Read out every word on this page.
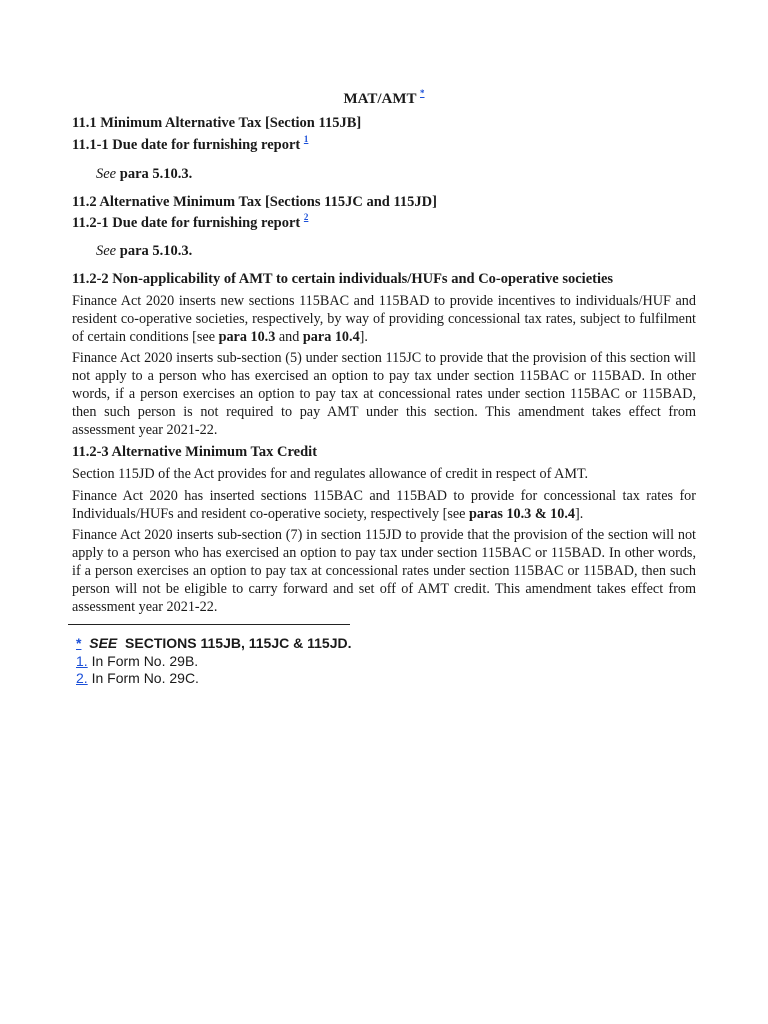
MAT/AMT *
11.1 Minimum Alternative Tax [Section 115JB]
11.1-1 Due date for furnishing report $^1$
See para 5.10.3.
11.2 Alternative Minimum Tax [Sections 115JC and 115JD]
11.2-1 Due date for furnishing report $^2$
See para 5.10.3.
11.2-2 Non-applicability of AMT to certain individuals/HUFs and Co-operative societies
Finance Act 2020 inserts new sections 115BAC and 115BAD to provide incentives to individuals/HUF and resident co-operative societies, respectively, by way of providing concessional tax rates, subject to fulfilment of certain conditions [see para 10.3 and para 10.4].
Finance Act 2020 inserts sub-section (5) under section 115JC to provide that the provision of this section will not apply to a person who has exercised an option to pay tax under section 115BAC or 115BAD. In other words, if a person exercises an option to pay tax at concessional rates under section 115BAC or 115BAD, then such person is not required to pay AMT under this section. This amendment takes effect from assessment year 2021-22.
11.2-3 Alternative Minimum Tax Credit
Section 115JD of the Act provides for and regulates allowance of credit in respect of AMT.
Finance Act 2020 has inserted sections 115BAC and 115BAD to provide for concessional tax rates for Individuals/HUFs and resident co-operative society, respectively [see paras 10.3 & 10.4].
Finance Act 2020 inserts sub-section (7) in section 115JD to provide that the provision of the section will not apply to a person who has exercised an option to pay tax under section 115BAC or 115BAD. In other words, if a person exercises an option to pay tax at concessional rates under section 115BAC or 115BAD, then such person will not be eligible to carry forward and set off of AMT credit. This amendment takes effect from assessment year 2021-22.
* SEE SECTIONS 115JB, 115JC & 115JD.
1. In Form No. 29B.
2. In Form No. 29C.
